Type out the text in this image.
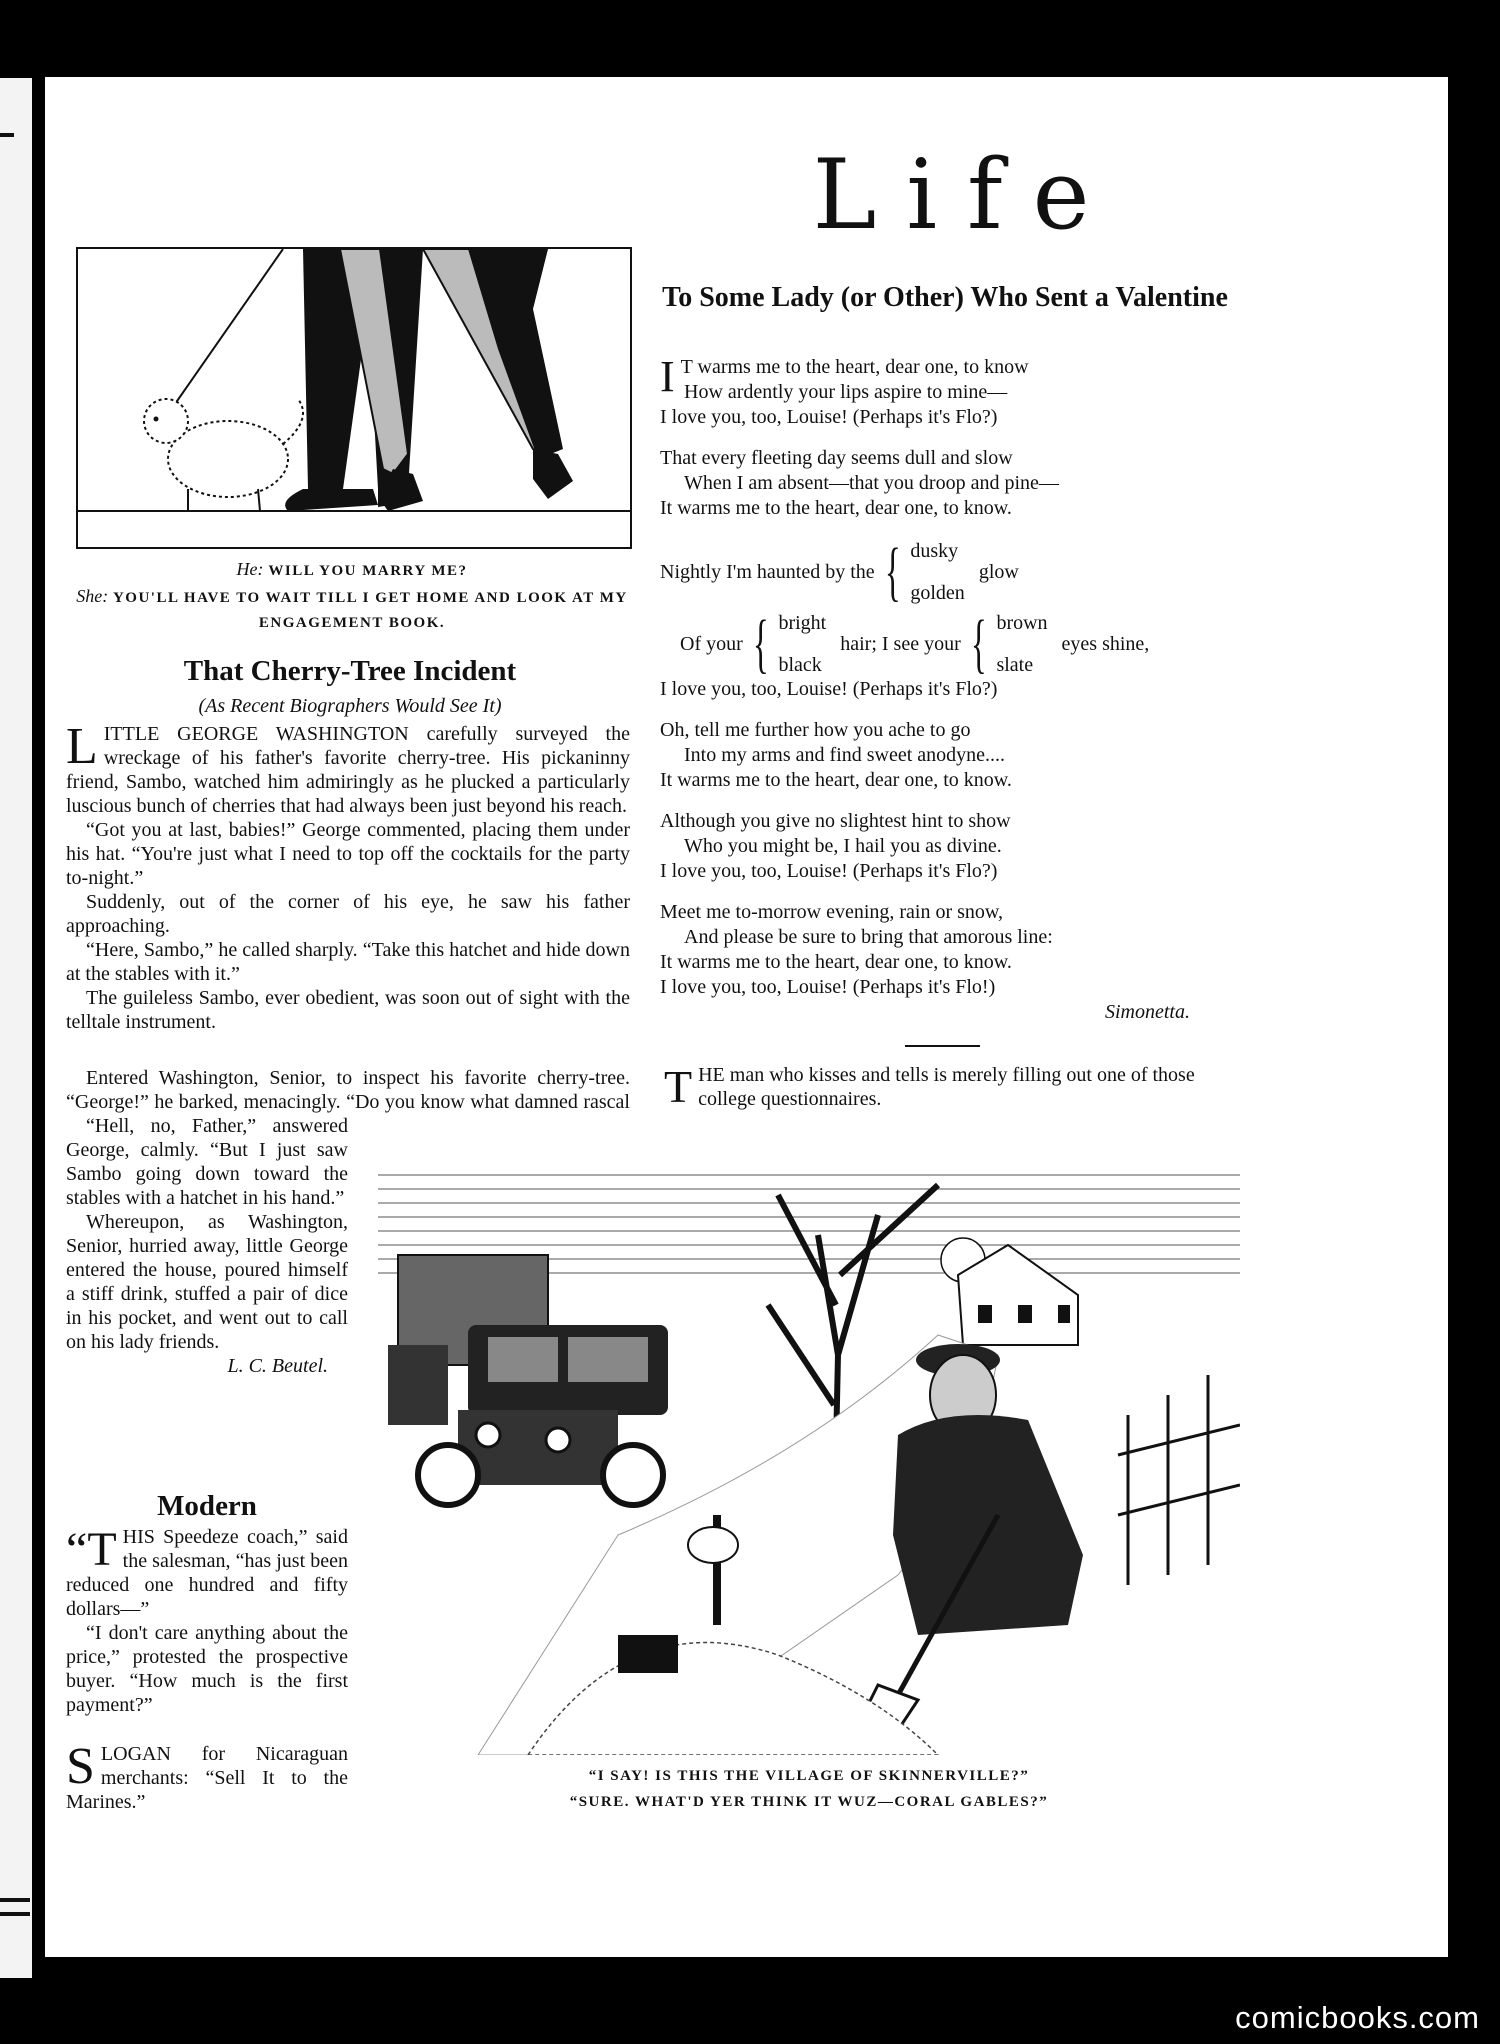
Life
He: WILL YOU MARRY ME?
She: YOU'LL HAVE TO WAIT TILL I GET HOME AND LOOK AT MY ENGAGEMENT BOOK.
That Cherry-Tree Incident
(As Recent Biographers Would See It)

LITTLE GEORGE WASHINGTON carefully surveyed the wreckage of his father's favorite cherry-tree. His pickaninny friend, Sambo, watched him admiringly as he plucked a particularly luscious bunch of cherries that had always been just beyond his reach.

“Got you at last, babies!” George commented, placing them under his hat. “You're just what I need to top off the cocktails for the party to-night.”

Suddenly, out of the corner of his eye, he saw his father approaching.

“Here, Sambo,” he called sharply. “Take this hatchet and hide down at the stables with it.”

The guileless Sambo, ever obedient, was soon out of sight with the telltale instrument.

Entered Washington, Senior, to inspect his favorite cherry-tree. “George!” he barked, menacingly. “Do you know what damned rascal

“Hell, no, Father,” answered George, calmly. “But I just saw Sambo going down toward the stables with a hatchet in his hand.”

Whereupon, as Washington, Senior, hurried away, little George entered the house, poured himself a stiff drink, stuffed a pair of dice in his pocket, and went out to call on his lady friends.

L. C. Beutel.
Modern

“T HIS Speedeze coach,” said the salesman, “has just been reduced one hundred and fifty dollars—”

“I don't care anything about the price,” protested the prospective buyer. “How much is the first payment?”

SLOGAN for Nicaraguan merchants: “Sell It to the Marines.”

To Some Lady (or Other) Who Sent a Valentine
I T warms me to the heart, dear one, to know
How ardently your lips aspire to mine—
I love you, too, Louise! (Perhaps it's Flo?)
That every fleeting day seems dull and slow
When I am absent—that you droop and pine—
It warms me to the heart, dear one, to know.
Nightly I'm haunted by the { dusky
golden
glow
Of your { bright
black
hair; I see your { brown
slate
eyes shine,
I love you, too, Louise! (Perhaps it's Flo?)
Oh, tell me further how you ache to go
Into my arms and find sweet anodyne....
It warms me to the heart, dear one, to know.
Although you give no slightest hint to show
Who you might be, I hail you as divine.
I love you, too, Louise! (Perhaps it's Flo?)
Meet me to-morrow evening, rain or snow,
And please be sure to bring that amorous line:
It warms me to the heart, dear one, to know.
I love you, too, Louise! (Perhaps it's Flo!)
Simonetta.

THE man who kisses and tells is merely filling out one of those college questionnaires.

“I SAY! IS THIS THE VILLAGE OF SKINNERVILLE?”
“SURE. WHAT'D YER THINK IT WUZ—CORAL GABLES?”
comicbooks.com
